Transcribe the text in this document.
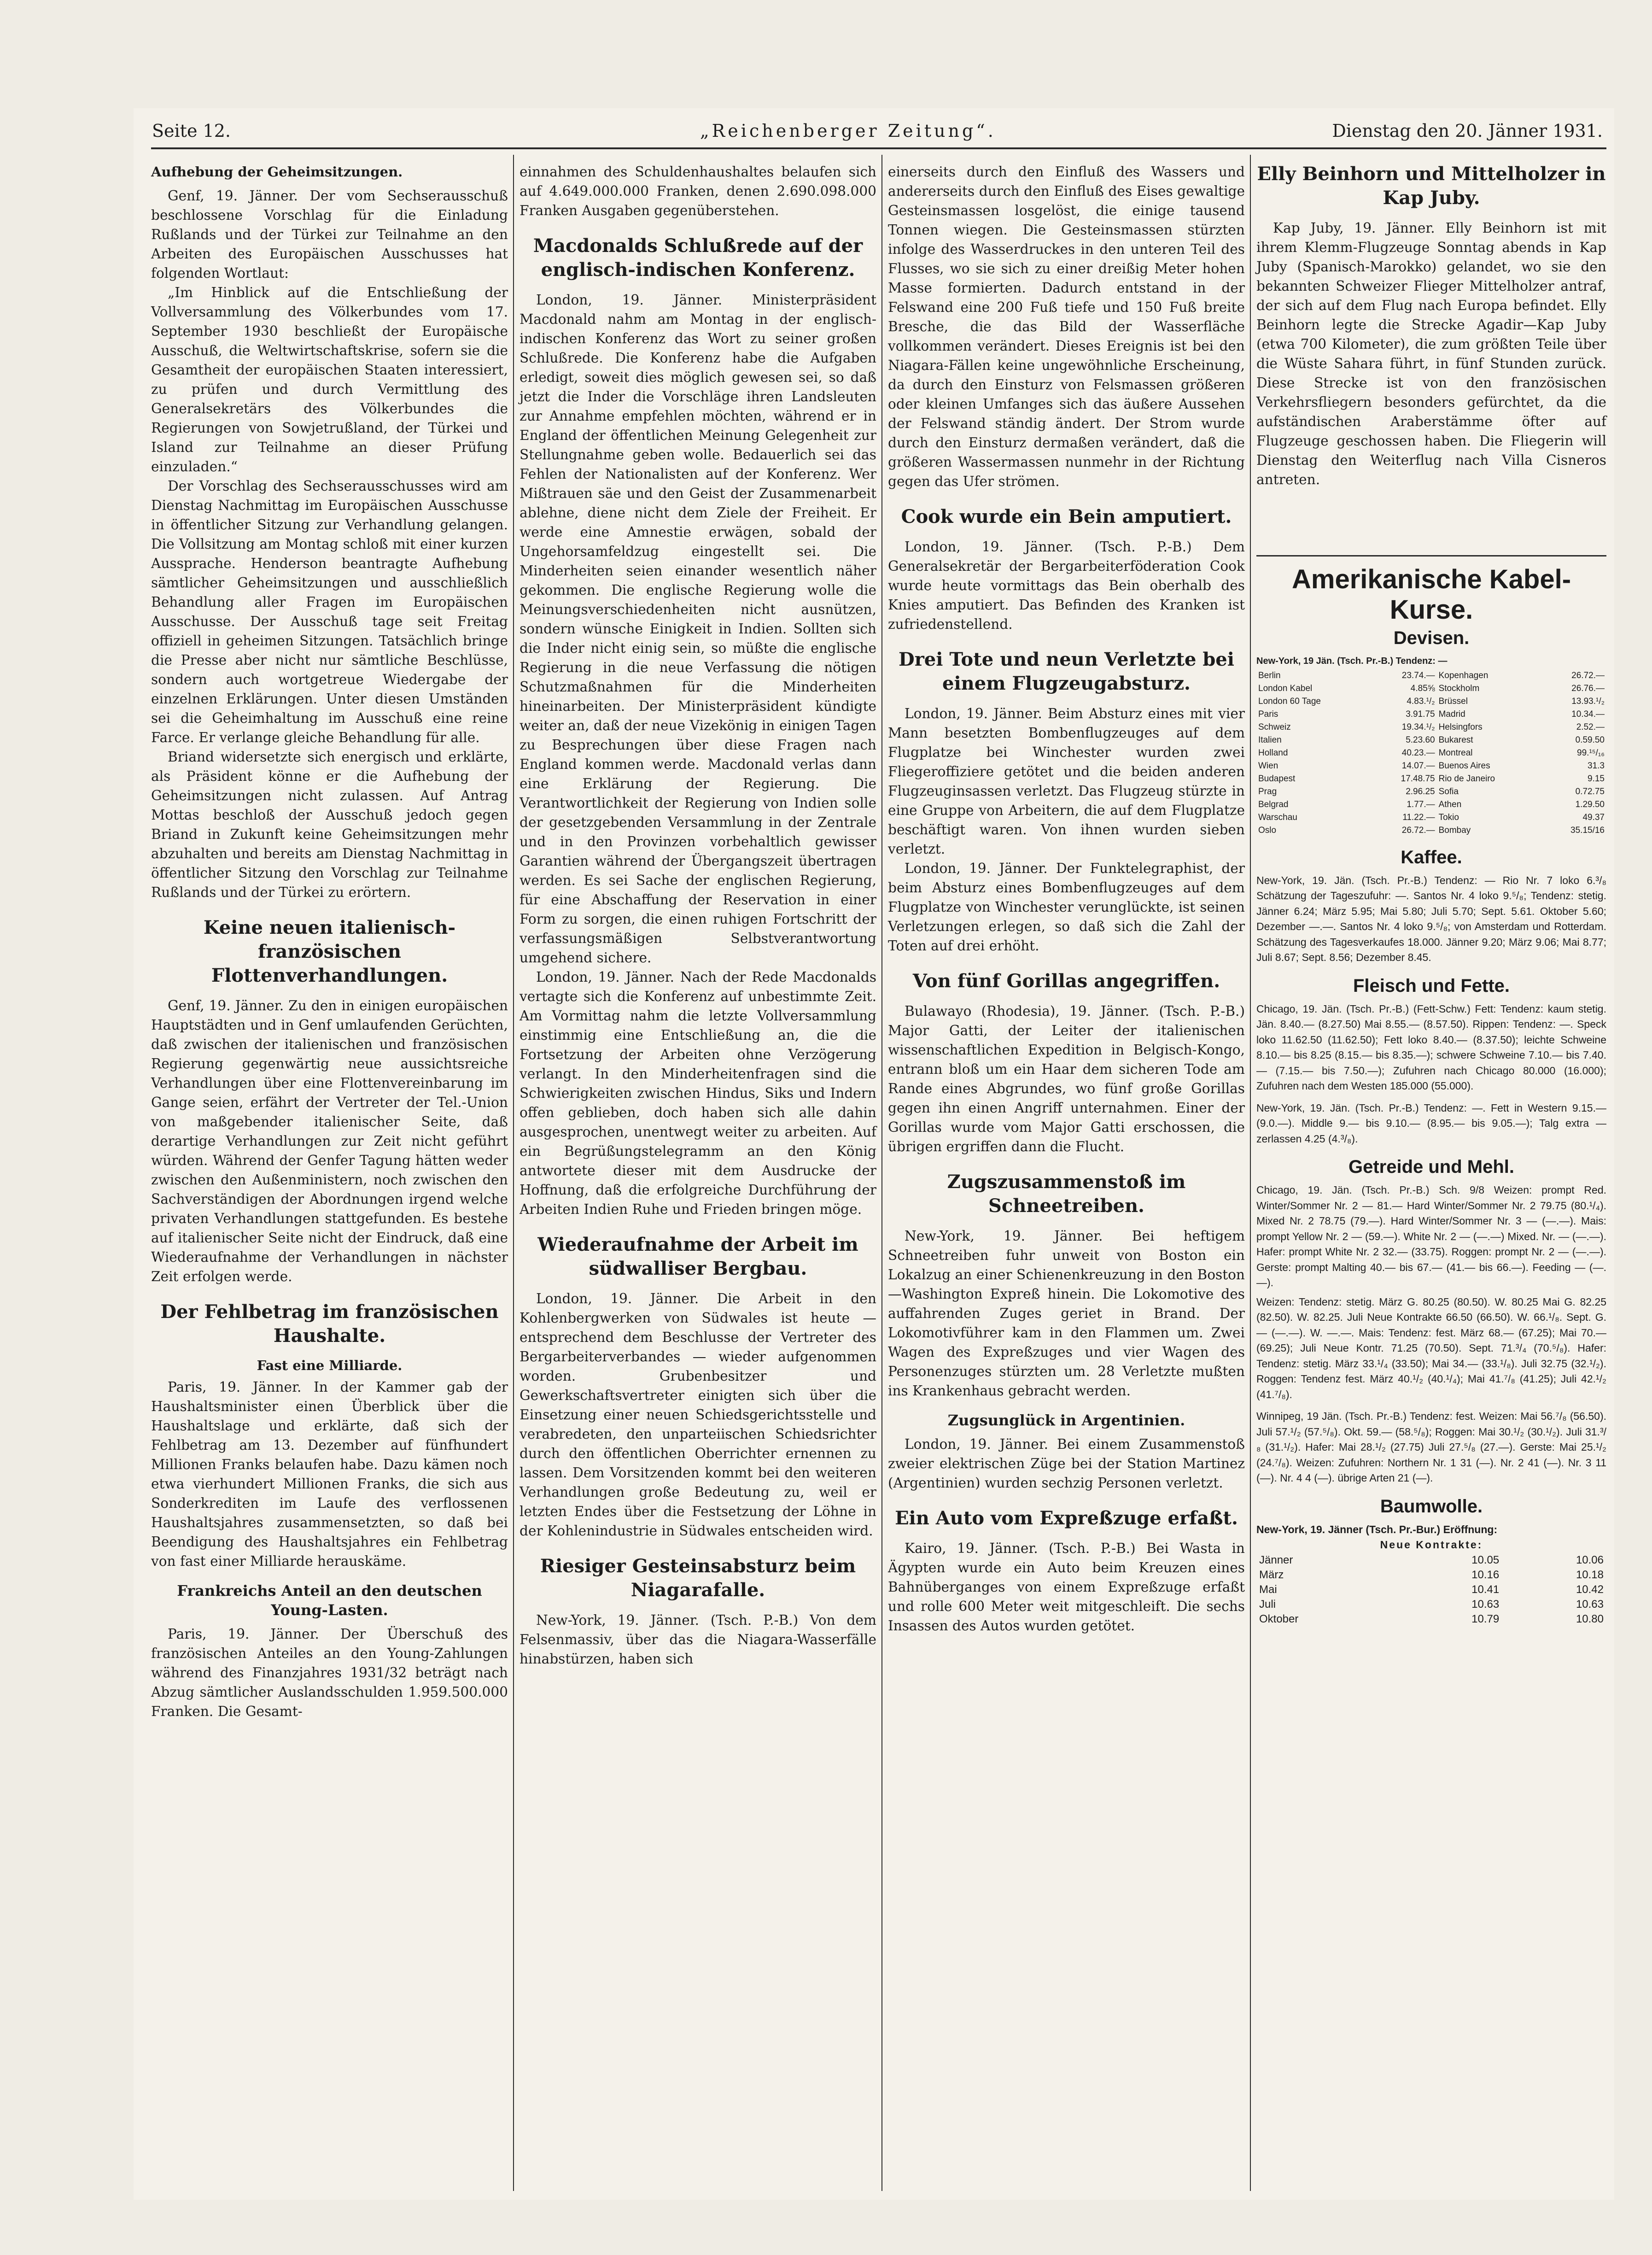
Seite 12.	„Reichenberger Zeitung“.	Dienstag den 20. Jänner 1931.
Aufhebung der Geheimsitzungen.

Genf, 19. Jänner. Der vom Sechserausschuß beschlossene Vorschlag für die Einladung Rußlands und der Türkei zur Teilnahme an den Arbeiten des Europäischen Ausschusses hat folgenden Wortlaut:

„Im Hinblick auf die Entschließung der Vollversammlung des Völkerbundes vom 17. September 1930 beschließt der Europäische Ausschuß, die Weltwirtschaftskrise, sofern sie die Gesamtheit der europäischen Staaten interessiert, zu prüfen und durch Vermittlung des Generalsekretärs des Völkerbundes die Regierungen von Sowjetrußland, der Türkei und Island zur Teilnahme an dieser Prüfung einzuladen.“

Der Vorschlag des Sechserausschusses wird am Dienstag Nachmittag im Europäischen Ausschusse in öffentlicher Sitzung zur Verhandlung gelangen. Die Vollsitzung am Montag schloß mit einer kurzen Aussprache. Henderson beantragte Aufhebung sämtlicher Geheimsitzungen und ausschließlich Behandlung aller Fragen im Europäischen Ausschusse. Der Ausschuß tage seit Freitag offiziell in geheimen Sitzungen. Tatsächlich bringe die Presse aber nicht nur sämtliche Beschlüsse, sondern auch wortgetreue Wiedergabe der einzelnen Erklärungen. Unter diesen Umständen sei die Geheimhaltung im Ausschuß eine reine Farce. Er verlange gleiche Behandlung für alle.

Briand widersetzte sich energisch und erklärte, als Präsident könne er die Aufhebung der Geheimsitzungen nicht zulassen. Auf Antrag Mottas beschloß der Ausschuß jedoch gegen Briand in Zukunft keine Geheimsitzungen mehr abzuhalten und bereits am Dienstag Nachmittag in öffentlicher Sitzung den Vorschlag zur Teilnahme Rußlands und der Türkei zu erörtern.

Keine neuen italienisch-französischen Flottenverhandlungen.

Genf, 19. Jänner. Zu den in einigen europäischen Hauptstädten und in Genf umlaufenden Gerüchten, daß zwischen der italienischen und französischen Regierung gegenwärtig neue aussichtsreiche Verhandlungen über eine Flottenvereinbarung im Gange seien, erfährt der Vertreter der Tel.-Union von maßgebender italienischer Seite, daß derartige Verhandlungen zur Zeit nicht geführt würden. Während der Genfer Tagung hätten weder zwischen den Außenministern, noch zwischen den Sachverständigen der Abordnungen irgend welche privaten Verhandlungen stattgefunden. Es bestehe auf italienischer Seite nicht der Eindruck, daß eine Wiederaufnahme der Verhandlungen in nächster Zeit erfolgen werde.

Der Fehlbetrag im französischen Haushalte.
Fast eine Milliarde.

Paris, 19. Jänner. In der Kammer gab der Haushaltsminister einen Überblick über die Haushaltslage und erklärte, daß sich der Fehlbetrag am 13. Dezember auf fünfhundert Millionen Franks belaufen habe. Dazu kämen noch etwa vierhundert Millionen Franks, die sich aus Sonderkrediten im Laufe des verflossenen Haushaltsjahres zusammensetzten, so daß bei Beendigung des Haushaltsjahres ein Fehlbetrag von fast einer Milliarde herauskäme.

Frankreichs Anteil an den deutschen Young-Lasten.

Paris, 19. Jänner. Der Überschuß des französischen Anteiles an den Young-Zahlungen während des Finanzjahres 1931/32 beträgt nach Abzug sämtlicher Auslandsschulden 1.959.500.000 Franken. Die Gesamt-

einnahmen des Schuldenhaushaltes belaufen sich auf 4.649.000.000 Franken, denen 2.690.098.000 Franken Ausgaben gegenüberstehen.

Macdonalds Schlußrede auf der englisch-indischen Konferenz.

London, 19. Jänner. Ministerpräsident Macdonald nahm am Montag in der englisch-indischen Konferenz das Wort zu seiner großen Schlußrede. Die Konferenz habe die Aufgaben erledigt, soweit dies möglich gewesen sei, so daß jetzt die Inder die Vorschläge ihren Landsleuten zur Annahme empfehlen möchten, während er in England der öffentlichen Meinung Gelegenheit zur Stellungnahme geben wolle. Bedauerlich sei das Fehlen der Nationalisten auf der Konferenz. Wer Mißtrauen säe und den Geist der Zusammenarbeit ablehne, diene nicht dem Ziele der Freiheit. Er werde eine Amnestie erwägen, sobald der Ungehorsamfeldzug eingestellt sei. Die Minderheiten seien einander wesentlich näher gekommen. Die englische Regierung wolle die Meinungsverschiedenheiten nicht ausnützen, sondern wünsche Einigkeit in Indien. Sollten sich die Inder nicht einig sein, so müßte die englische Regierung in die neue Verfassung die nötigen Schutzmaßnahmen für die Minderheiten hineinarbeiten. Der Ministerpräsident kündigte weiter an, daß der neue Vizekönig in einigen Tagen zu Besprechungen über diese Fragen nach England kommen werde. Macdonald verlas dann eine Erklärung der Regierung. Die Verantwortlichkeit der Regierung von Indien solle der gesetzgebenden Versammlung in der Zentrale und in den Provinzen vorbehaltlich gewisser Garantien während der Übergangszeit übertragen werden. Es sei Sache der englischen Regierung, für eine Abschaffung der Reservation in einer Form zu sorgen, die einen ruhigen Fortschritt der verfassungsmäßigen Selbstverantwortung umgehend sichere.

London, 19. Jänner. Nach der Rede Macdonalds vertagte sich die Konferenz auf unbestimmte Zeit. Am Vormittag nahm die letzte Vollversammlung einstimmig eine Entschließung an, die die Fortsetzung der Arbeiten ohne Verzögerung verlangt. In den Minderheitenfragen sind die Schwierigkeiten zwischen Hindus, Siks und Indern offen geblieben, doch haben sich alle dahin ausgesprochen, unentwegt weiter zu arbeiten. Auf ein Begrüßungstelegramm an den König antwortete dieser mit dem Ausdrucke der Hoffnung, daß die erfolgreiche Durchführung der Arbeiten Indien Ruhe und Frieden bringen möge.

Wiederaufnahme der Arbeit im südwalliser Bergbau.

London, 19. Jänner. Die Arbeit in den Kohlenbergwerken von Südwales ist heute — entsprechend dem Beschlusse der Vertreter des Bergarbeiterverbandes — wieder aufgenommen worden. Grubenbesitzer und Gewerkschaftsvertreter einigten sich über die Einsetzung einer neuen Schiedsgerichtsstelle und verabredeten, den unparteiischen Schiedsrichter durch den öffentlichen Oberrichter ernennen zu lassen. Dem Vorsitzenden kommt bei den weiteren Verhandlungen große Bedeutung zu, weil er letzten Endes über die Festsetzung der Löhne in der Kohlenindustrie in Südwales entscheiden wird.

Riesiger Gesteinsabsturz beim Niagarafalle.

New-York, 19. Jänner. (Tsch. P.-B.) Von dem Felsenmassiv, über das die Niagara-Wasserfälle hinabstürzen, haben sich

einerseits durch den Einfluß des Wassers und andererseits durch den Einfluß des Eises gewaltige Gesteinsmassen losgelöst, die einige tausend Tonnen wiegen. Die Gesteinsmassen stürzten infolge des Wasserdruckes in den unteren Teil des Flusses, wo sie sich zu einer dreißig Meter hohen Masse formierten. Dadurch entstand in der Felswand eine 200 Fuß tiefe und 150 Fuß breite Bresche, die das Bild der Wasserfläche vollkommen verändert. Dieses Ereignis ist bei den Niagara-Fällen keine ungewöhnliche Erscheinung, da durch den Einsturz von Felsmassen größeren oder kleinen Umfanges sich das äußere Aussehen der Felswand ständig ändert. Der Strom wurde durch den Einsturz dermaßen verändert, daß die größeren Wassermassen nunmehr in der Richtung gegen das Ufer strömen.

Cook wurde ein Bein amputiert.

London, 19. Jänner. (Tsch. P.-B.) Dem Generalsekretär der Bergarbeiterföderation Cook wurde heute vormittags das Bein oberhalb des Knies amputiert. Das Befinden des Kranken ist zufriedenstellend.

Drei Tote und neun Verletzte bei einem Flugzeugabsturz.

London, 19. Jänner. Beim Absturz eines mit vier Mann besetzten Bombenflugzeuges auf dem Flugplatze bei Winchester wurden zwei Fliegeroffiziere getötet und die beiden anderen Flugzeuginsassen verletzt. Das Flugzeug stürzte in eine Gruppe von Arbeitern, die auf dem Flugplatze beschäftigt waren. Von ihnen wurden sieben verletzt.

London, 19. Jänner. Der Funktelegraphist, der beim Absturz eines Bombenflugzeuges auf dem Flugplatze von Winchester verunglückte, ist seinen Verletzungen erlegen, so daß sich die Zahl der Toten auf drei erhöht.

Von fünf Gorillas angegriffen.

Bulawayo (Rhodesia), 19. Jänner. (Tsch. P.-B.) Major Gatti, der Leiter der italienischen wissenschaftlichen Expedition in Belgisch-Kongo, entrann bloß um ein Haar dem sicheren Tode am Rande eines Abgrundes, wo fünf große Gorillas gegen ihn einen Angriff unternahmen. Einer der Gorillas wurde vom Major Gatti erschossen, die übrigen ergriffen dann die Flucht.

Zugszusammenstoß im Schneetreiben.

New-York, 19. Jänner. Bei heftigem Schneetreiben fuhr unweit von Boston ein Lokalzug an einer Schienenkreuzung in den Boston—Washington Expreß hinein. Die Lokomotive des auffahrenden Zuges geriet in Brand. Der Lokomotivführer kam in den Flammen um. Zwei Wagen des Expreßzuges und vier Wagen des Personenzuges stürzten um. 28 Verletzte mußten ins Krankenhaus gebracht werden.

Zugsunglück in Argentinien.

London, 19. Jänner. Bei einem Zusammenstoß zweier elektrischen Züge bei der Station Martinez (Argentinien) wurden sechzig Personen verletzt.

Ein Auto vom Expreßzuge erfaßt.

Kairo, 19. Jänner. (Tsch. P.-B.) Bei Wasta in Ägypten wurde ein Auto beim Kreuzen eines Bahnüberganges von einem Expreßzuge erfaßt und rolle 600 Meter weit mitgeschleift. Die sechs Insassen des Autos wurden getötet.

Elly Beinhorn und Mittelholzer in Kap Juby.

Kap Juby, 19. Jänner. Elly Beinhorn ist mit ihrem Klemm-Flugzeuge Sonntag abends in Kap Juby (Spanisch-Marokko) gelandet, wo sie den bekannten Schweizer Flieger Mittelholzer antraf, der sich auf dem Flug nach Europa befindet. Elly Beinhorn legte die Strecke Agadir—Kap Juby (etwa 700 Kilometer), die zum größten Teile über die Wüste Sahara führt, in fünf Stunden zurück. Diese Strecke ist von den französischen Verkehrsfliegern besonders gefürchtet, da die aufständischen Araberstämme öfter auf Flugzeuge geschossen haben. Die Fliegerin will Dienstag den Weiterflug nach Villa Cisneros antreten.

Amerikanische Kabel-Kurse.
Devisen.

New-York, 19 Jän. (Tsch. Pr.-B.) Tendenz: —

Berlin	23.74.—	Kopenhagen	26.72.—
London Kabel	4.85⅝	Stockholm	26.76.—
London 60 Tage	4.83.¹/₂	Brüssel	13.93.¹/₂
Paris	3.91.75	Madrid	10.34.—
Schweiz	19.34.¹/₂	Helsingfors	2.52.—
Italien	5.23.60	Bukarest	0.59.50
Holland	40.23.—	Montreal	99.¹⁵/₁₆
Wien	14.07.—	Buenos Aires	31.3
Budapest	17.48.75	Rio de Janeiro	9.15
Prag	2.96.25	Sofia	0.72.75
Belgrad	1.77.—	Athen	1.29.50
Warschau	11.22.—	Tokio	49.37
Oslo	26.72.—	Bombay	35.15/16
Kaffee.

New-York, 19. Jän. (Tsch. Pr.-B.) Tendenz: — Rio Nr. 7 loko 6.³/₈ Schätzung der Tageszufuhr: —. Santos Nr. 4 loko 9.⁵/₈; Tendenz: stetig. Jänner 6.24; März 5.95; Mai 5.80; Juli 5.70; Sept. 5.61. Oktober 5.60; Dezember —.—. Santos Nr. 4 loko 9.⁵/₈; von Amsterdam und Rotterdam. Schätzung des Tagesverkaufes 18.000. Jänner 9.20; März 9.06; Mai 8.77; Juli 8.67; Sept. 8.56; Dezember 8.45.

Fleisch und Fette.

Chicago, 19. Jän. (Tsch. Pr.-B.) (Fett-Schw.) Fett: Tendenz: kaum stetig. Jän. 8.40.— (8.27.50) Mai 8.55.— (8.57.50). Rippen: Tendenz: —. Speck loko 11.62.50 (11.62.50); Fett loko 8.40.— (8.37.50); leichte Schweine 8.10.— bis 8.25 (8.15.— bis 8.35.—); schwere Schweine 7.10.— bis 7.40.— (7.15.— bis 7.50.—); Zufuhren nach Chicago 80.000 (16.000); Zufuhren nach dem Westen 185.000 (55.000).

New-York, 19. Jän. (Tsch. Pr.-B.) Tendenz: —. Fett in Western 9.15.— (9.0.—). Middle 9.— bis 9.10.— (8.95.— bis 9.05.—); Talg extra — zerlassen 4.25 (4.³/₈).

Getreide und Mehl.

Chicago, 19. Jän. (Tsch. Pr.-B.) Sch. 9/8 Weizen: prompt Red. Winter/Sommer Nr. 2 — 81.— Hard Winter/Sommer Nr. 2 79.75 (80.¹/₄). Mixed Nr. 2 78.75 (79.—). Hard Winter/Sommer Nr. 3 — (—.—). Mais: prompt Yellow Nr. 2 — (59.—). White Nr. 2 — (—.—) Mixed. Nr. — (—.—). Hafer: prompt White Nr. 2 32.— (33.75). Roggen: prompt Nr. 2 — (—.—). Gerste: prompt Malting 40.— bis 67.— (41.— bis 66.—). Feeding — (—.—).

Weizen: Tendenz: stetig. März G. 80.25 (80.50). W. 80.25 Mai G. 82.25 (82.50). W. 82.25. Juli Neue Kontrakte 66.50 (66.50). W. 66.¹/₈. Sept. G. — (—.—). W. —.—. Mais: Tendenz: fest. März 68.— (67.25); Mai 70.— (69.25); Juli Neue Kontr. 71.25 (70.50). Sept. 71.³/₄ (70.⁵/₈). Hafer: Tendenz: stetig. März 33.¹/₄ (33.50); Mai 34.— (33.¹/₈). Juli 32.75 (32.¹/₂). Roggen: Tendenz fest. März 40.¹/₂ (40.¹/₄); Mai 41.⁷/₈ (41.25); Juli 42.¹/₂ (41.⁷/₈).

Winnipeg, 19 Jän. (Tsch. Pr.-B.) Tendenz: fest. Weizen: Mai 56.⁷/₈ (56.50). Juli 57.¹/₂ (57.⁵/₈). Okt. 59.— (58.⁵/₈); Roggen: Mai 30.¹/₂ (30.¹/₂). Juli 31.³/₈ (31.¹/₂). Hafer: Mai 28.¹/₂ (27.75) Juli 27.⁵/₈ (27.—). Gerste: Mai 25.¹/₂ (24.⁷/₈). Weizen: Zufuhren: Northern Nr. 1 31 (—). Nr. 2 41 (—). Nr. 3 11 (—). Nr. 4 4 (—). übrige Arten 21 (—).

Baumwolle.

New-York, 19. Jänner (Tsch. Pr.-Bur.) Eröffnung:

Neue Kontrakte:

Jänner	10.05	10.06
März	10.16	10.18
Mai	10.41	10.42
Juli	10.63	10.63
Oktober	10.79	10.80
